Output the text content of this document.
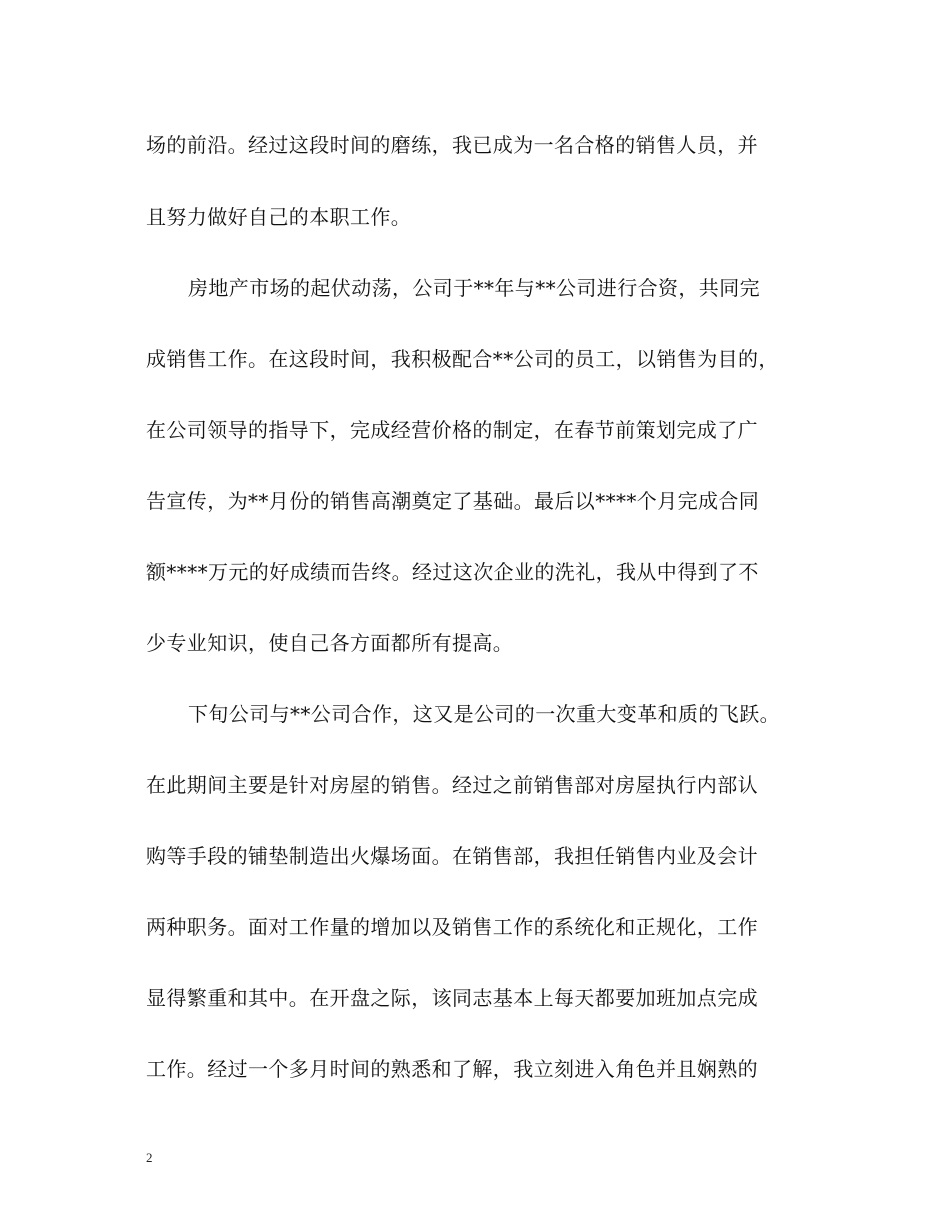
场的前沿。经过这段时间的磨练，我已成为一名合格的销售人员，并
且努力做好自己的本职工作。
房地产市场的起伏动荡，公司于**年与**公司进行合资，共同完
成销售工作。在这段时间，我积极配合**公司的员工，以销售为目的，
在公司领导的指导下，完成经营价格的制定，在春节前策划完成了广
告宣传，为**月份的销售高潮奠定了基础。最后以****个月完成合同
额****万元的好成绩而告终。经过这次企业的洗礼，我从中得到了不
少专业知识，使自己各方面都所有提高。
下旬公司与**公司合作，这又是公司的一次重大变革和质的飞跃。
在此期间主要是针对房屋的销售。经过之前销售部对房屋执行内部认
购等手段的铺垫制造出火爆场面。在销售部，我担任销售内业及会计
两种职务。面对工作量的增加以及销售工作的系统化和正规化，工作
显得繁重和其中。在开盘之际，该同志基本上每天都要加班加点完成
工作。经过一个多月时间的熟悉和了解，我立刻进入角色并且娴熟的
2
